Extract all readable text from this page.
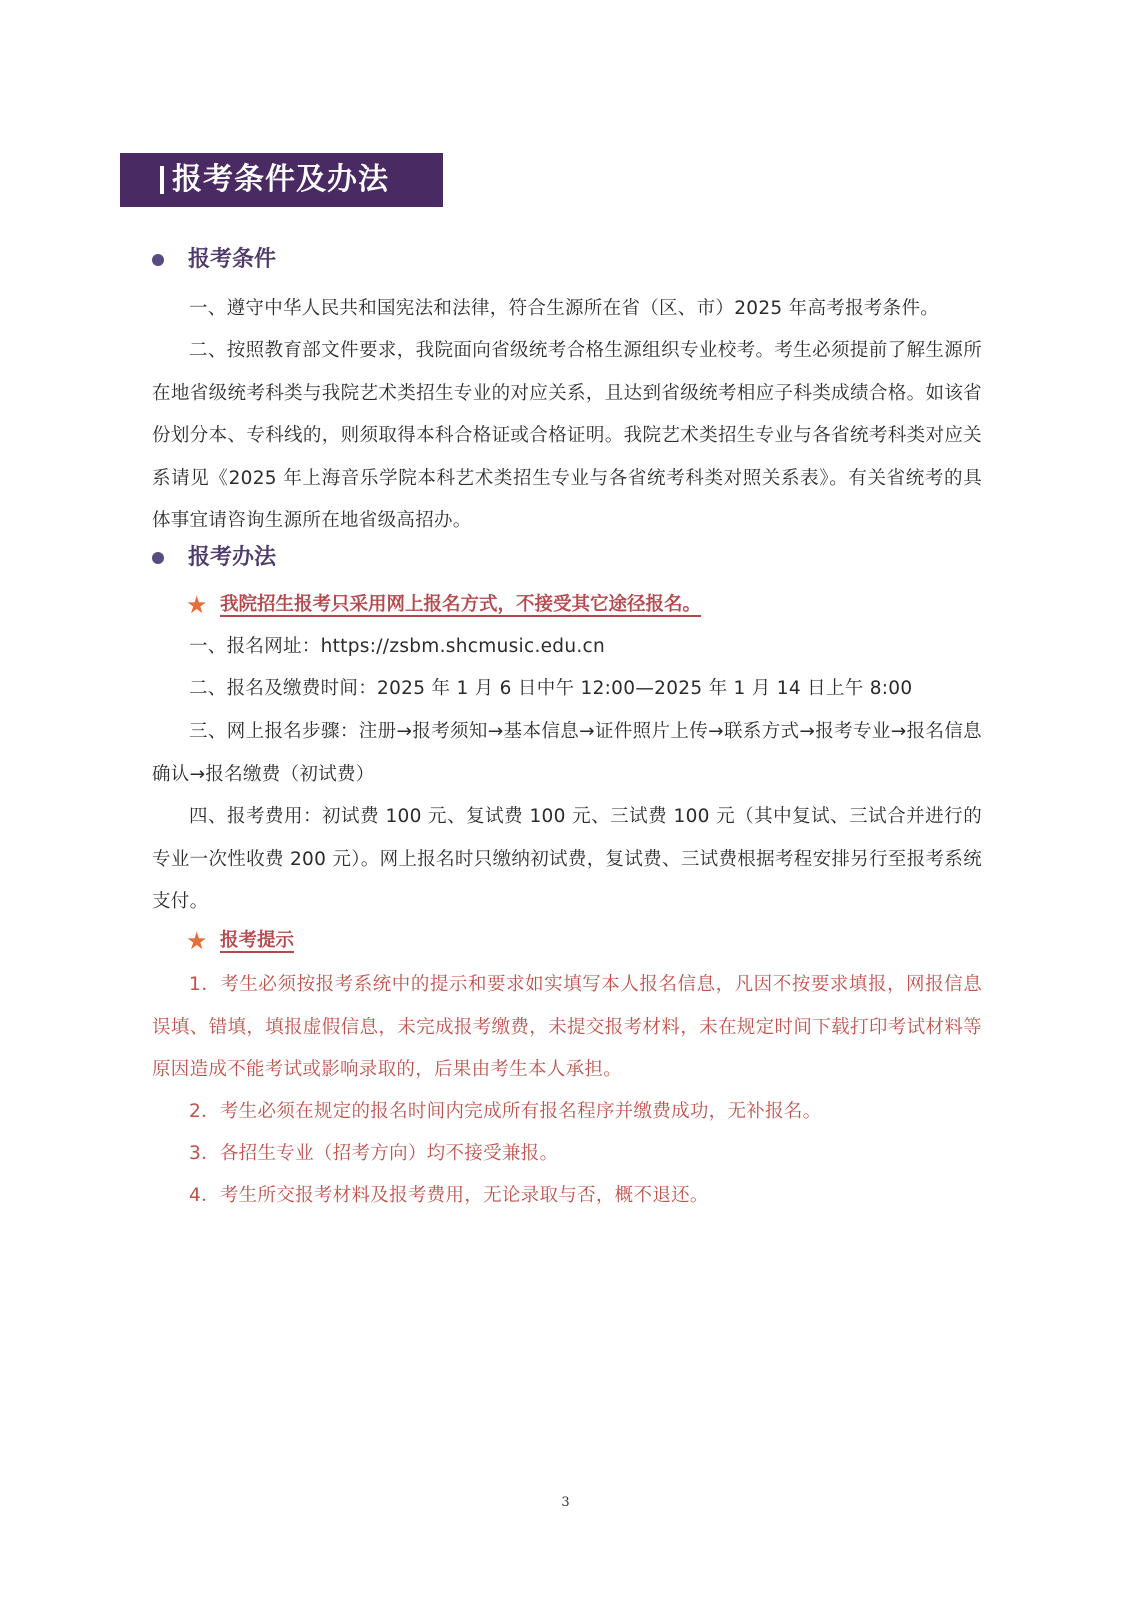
报考条件及办法
报考条件
一、遵守中华人民共和国宪法和法律，符合生源所在省（区、市）2025 年高考报考条件。
二、按照教育部文件要求，我院面向省级统考合格生源组织专业校考。考生必须提前了解生源所在地省级统考科类与我院艺术类招生专业的对应关系，且达到省级统考相应子科类成绩合格。如该省份划分本、专科线的，则须取得本科合格证或合格证明。我院艺术类招生专业与各省统考科类对应关系请见《2025 年上海音乐学院本科艺术类招生专业与各省统考科类对照关系表》。有关省统考的具体事宜请咨询生源所在地省级高招办。
报考办法
★ 我院招生报考只采用网上报名方式，不接受其它途径报名。
一、报名网址：https://zsbm.shcmusic.edu.cn
二、报名及缴费时间：2025 年 1 月 6 日中午 12:00—2025 年 1 月 14 日上午 8:00
三、网上报名步骤：注册→报考须知→基本信息→证件照片上传→联系方式→报考专业→报名信息确认→报名缴费（初试费）
四、报考费用：初试费 100 元、复试费 100 元、三试费 100 元（其中复试、三试合并进行的专业一次性收费 200 元）。网上报名时只缴纳初试费，复试费、三试费根据考程安排另行至报考系统支付。
★ 报考提示
1．考生必须按报考系统中的提示和要求如实填写本人报名信息，凡因不按要求填报，网报信息误填、错填，填报虚假信息，未完成报考缴费，未提交报考材料，未在规定时间下载打印考试材料等原因造成不能考试或影响录取的，后果由考生本人承担。
2．考生必须在规定的报名时间内完成所有报名程序并缴费成功，无补报名。
3．各招生专业（招考方向）均不接受兼报。
4．考生所交报考材料及报考费用，无论录取与否，概不退还。
3
